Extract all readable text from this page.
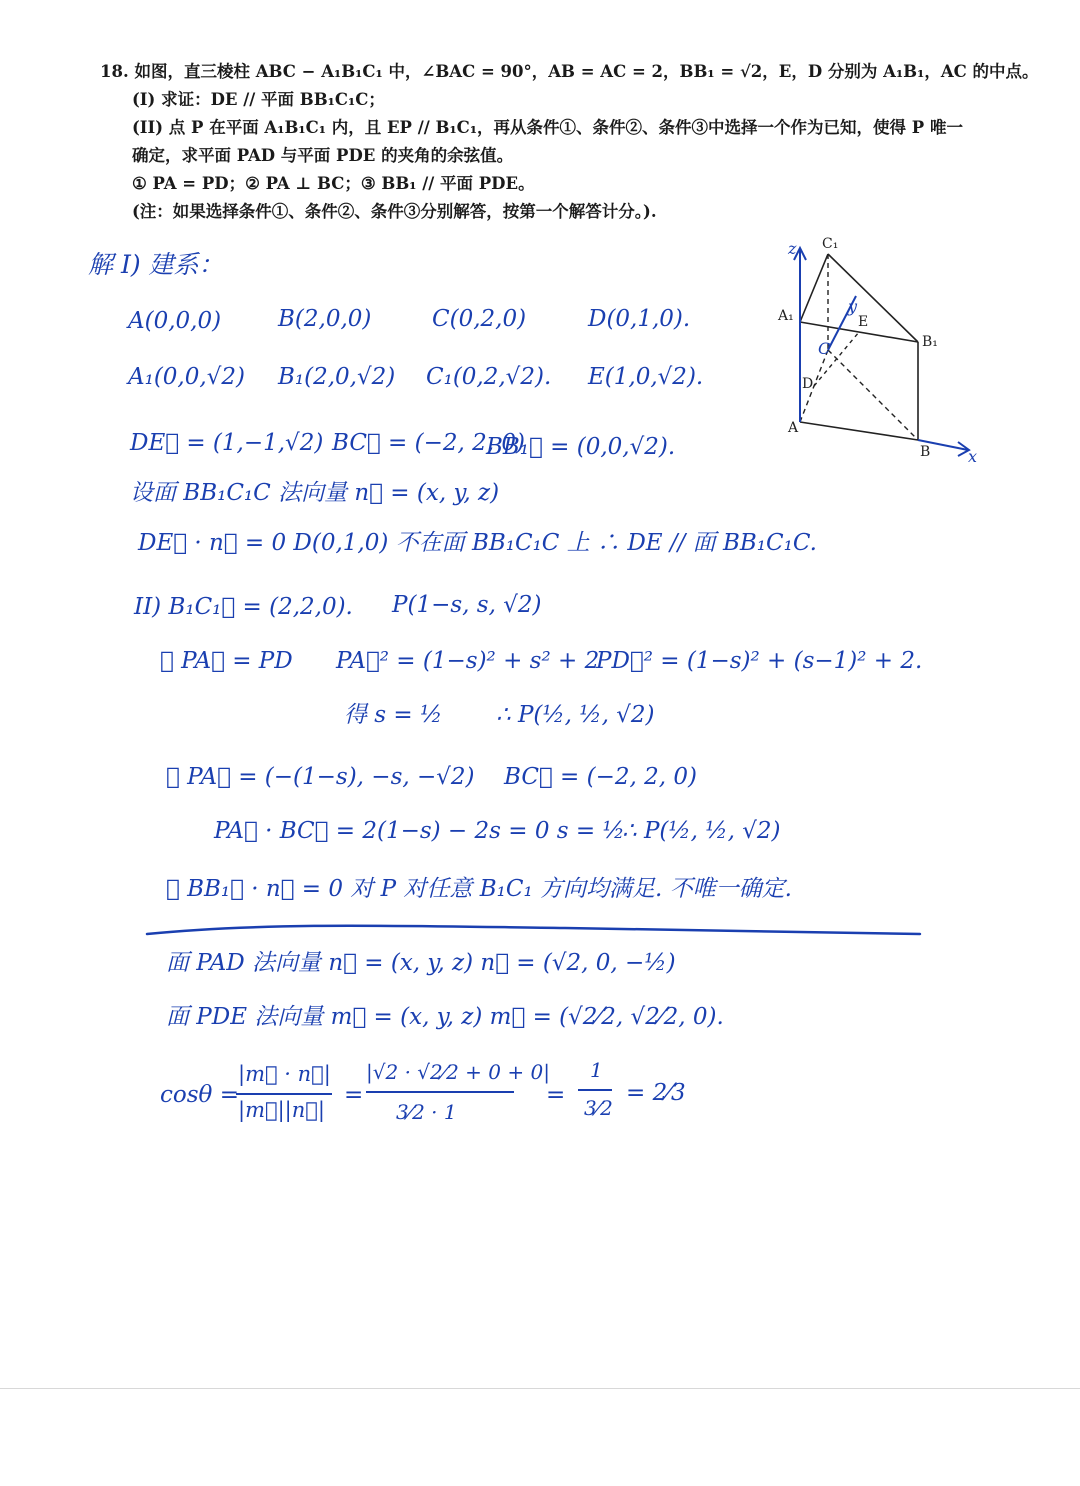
18. 如图，直三棱柱 ABC − A₁B₁C₁ 中，∠BAC = 90°，AB = AC = 2，BB₁ = √2，E，D 分别为 A₁B₁，AC 的中点。
(I) 求证：DE // 平面 BB₁C₁C；
(II) 点 P 在平面 A₁B₁C₁ 内，且 EP // B₁C₁，再从条件①、条件②、条件③中选择一个作为已知，使得 P 唯一
确定，求平面 PAD 与平面 PDE 的夹角的余弦值。
① PA = PD；② PA ⊥ BC；③ BB₁ // 平面 PDE。
(注：如果选择条件①、条件②、条件③分别解答，按第一个解答计分。).
解 I) 建系：
A(0,0,0) B(2,0,0)	C(0,2,0)	D(0,1,0).
A₁(0,0,√2) B₁(2,0,√2) C₁(0,2,√2). E(1,0,√2).
DE⃗ = (1,−1,√2) BC⃗ = (−2, 2, 0)
BB₁⃗ = (0,0,√2).
设面 BB₁C₁C 法向量 n⃗ = (x, y, z)
DE⃗ · n⃗ = 0 D(0,1,0) 不在面 BB₁C₁C 上 ∴ DE // 面 BB₁C₁C.
II) B₁C₁⃗ = (2,2,0). P(1−s, s, √2)
① PA⃗ = PD PA⃗² = (1−s)² + s² + 2
PD⃗² = (1−s)² + (s−1)² + 2.
得 s = ½ ∴ P(½, ½, √2)
② PA⃗ = (−(1−s), −s, −√2) BC⃗ = (−2, 2, 0)
PA⃗ · BC⃗ = 2(1−s) − 2s = 0 s = ½
∴ P(½, ½, √2)
③ BB₁⃗ · n⃗ = 0 对 P 对任意 B₁C₁ 方向均满足. 不唯一确定.
面 PAD 法向量 n⃗ = (x, y, z) n⃗ = (√2, 0, −½)
面 PDE 法向量 m⃗ = (x, y, z) m⃗ = (√2⁄2, √2⁄2, 0).
cosθ =
|m⃗ · n⃗|
|m⃗||n⃗|
=
|√2 · √2⁄2 + 0 + 0|
3⁄2 · 1
=
1
3⁄2
= 2⁄3
z C₁
A₁	y
E
B₁
C
D
A
B x
